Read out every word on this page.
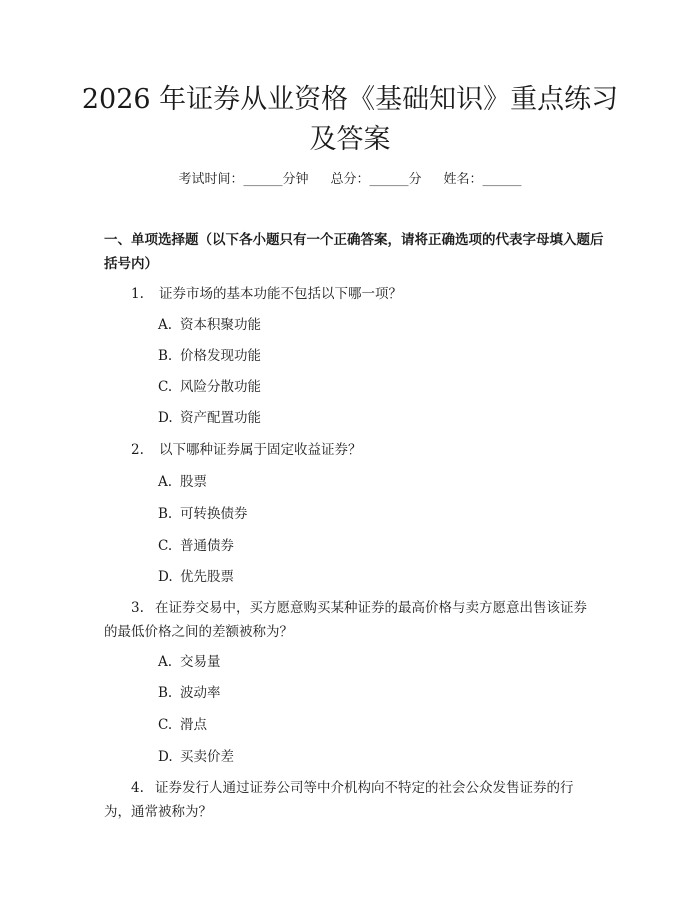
2026 年证券从业资格《基础知识》重点练习
及答案
考试时间：______分钟 总分：______分 姓名：______
一、单项选择题（以下各小题只有一个正确答案，请将正确选项的代表字母填入题后括号内）
1. 证券市场的基本功能不包括以下哪一项？
A. 资本积聚功能
B. 价格发现功能
C. 风险分散功能
D. 资产配置功能
2. 以下哪种证券属于固定收益证券？
A. 股票
B. 可转换债券
C. 普通债券
D. 优先股票
3. 在证券交易中，买方愿意购买某种证券的最高价格与卖方愿意出售该证券的最低价格之间的差额被称为？
A. 交易量
B. 波动率
C. 滑点
D. 买卖价差
4. 证券发行人通过证券公司等中介机构向不特定的社会公众发售证券的行为，通常被称为？
